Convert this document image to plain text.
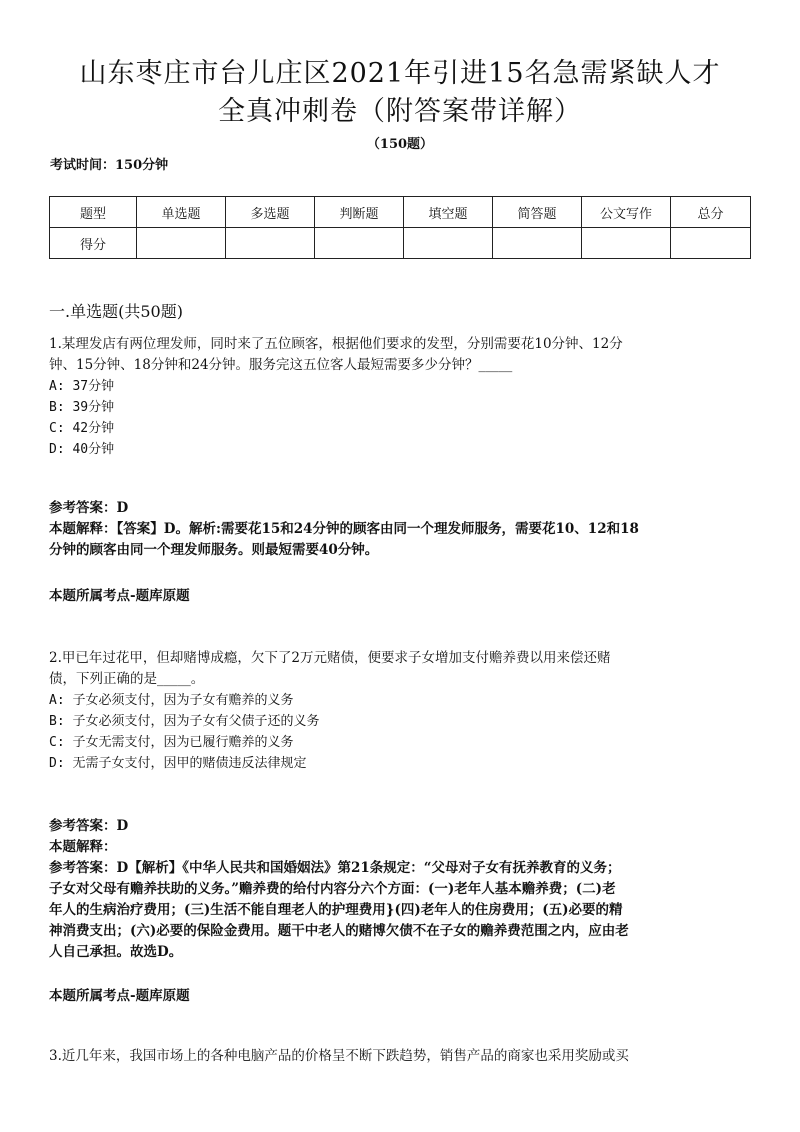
山东枣庄市台儿庄区2021年引进15名急需紧缺人才
全真冲刺卷（附答案带详解）
（150题）
考试时间：150分钟
题型	单选题	多选题	判断题	填空题	简答题	公文写作	总分
得分							
一.单选题(共50题)

1.某理发店有两位理发师，同时来了五位顾客，根据他们要求的发型，分别需要花10分钟、12分

钟、15分钟、18分钟和24分钟。服务完这五位客人最短需要多少分钟？_____

A: 37分钟

B: 39分钟

C: 42分钟

D: 40分钟

参考答案：D

本题解释：【答案】D。解析:需要花15和24分钟的顾客由同一个理发师服务，需要花10、12和18

分钟的顾客由同一个理发师服务。则最短需要40分钟。

本题所属考点-题库原题

2.甲已年过花甲，但却赌博成瘾，欠下了2万元赌债，便要求子女增加支付赡养费以用来偿还赌

债，下列正确的是_____。

A: 子女必须支付，因为子女有赡养的义务

B: 子女必须支付，因为子女有父债子还的义务

C: 子女无需支付，因为已履行赡养的义务

D: 无需子女支付，因甲的赌债违反法律规定

参考答案：D

本题解释：

参考答案：D【解析】《中华人民共和国婚姻法》第21条规定：“父母对子女有抚养教育的义务；

子女对父母有赡养扶助的义务。”赡养费的给付内容分六个方面：(一)老年人基本赡养费；(二)老

年人的生病治疗费用；(三)生活不能自理老人的护理费用}(四)老年人的住房费用；(五)必要的精

神消费支出；(六)必要的保险金费用。题干中老人的赌博欠债不在子女的赡养费范围之内，应由老

人自己承担。故选D。

本题所属考点-题库原题

3.近几年来，我国市场上的各种电脑产品的价格呈不断下跌趋势，销售产品的商家也采用奖励或买
